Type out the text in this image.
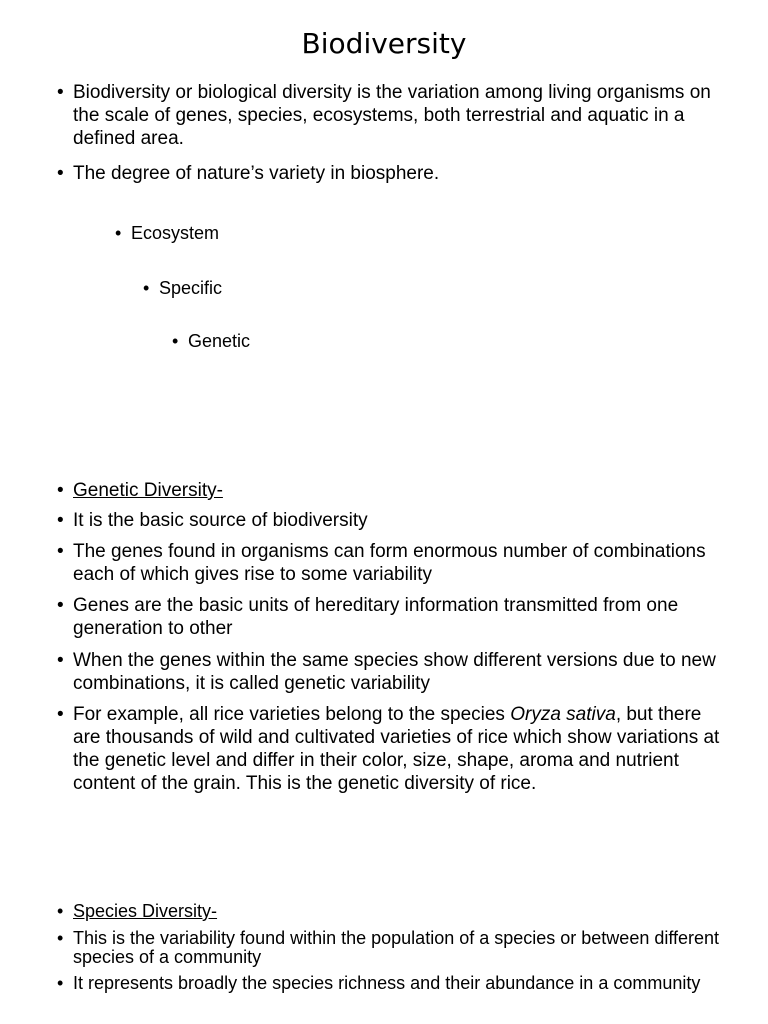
Biodiversity
• Biodiversity or biological diversity is the variation among living organisms on the scale of genes, species, ecosystems, both terrestrial and aquatic in a defined area.
• The degree of nature’s variety in biosphere.
• Ecosystem
• Specific
• Genetic
• Genetic Diversity-
• It is the basic source of biodiversity
• The genes found in organisms can form enormous number of combinations each of which gives rise to some variability
• Genes are the basic units of hereditary information transmitted from one generation to other
• When the genes within the same species show different versions due to new combinations, it is called genetic variability
• For example, all rice varieties belong to the species Oryza sativa, but there are thousands of wild and cultivated varieties of rice which show variations at the genetic level and differ in their color, size, shape, aroma and nutrient content of the grain. This is the genetic diversity of rice.
• Species Diversity-
• This is the variability found within the population of a species or between different species of a community
• It represents broadly the species richness and their abundance in a community
